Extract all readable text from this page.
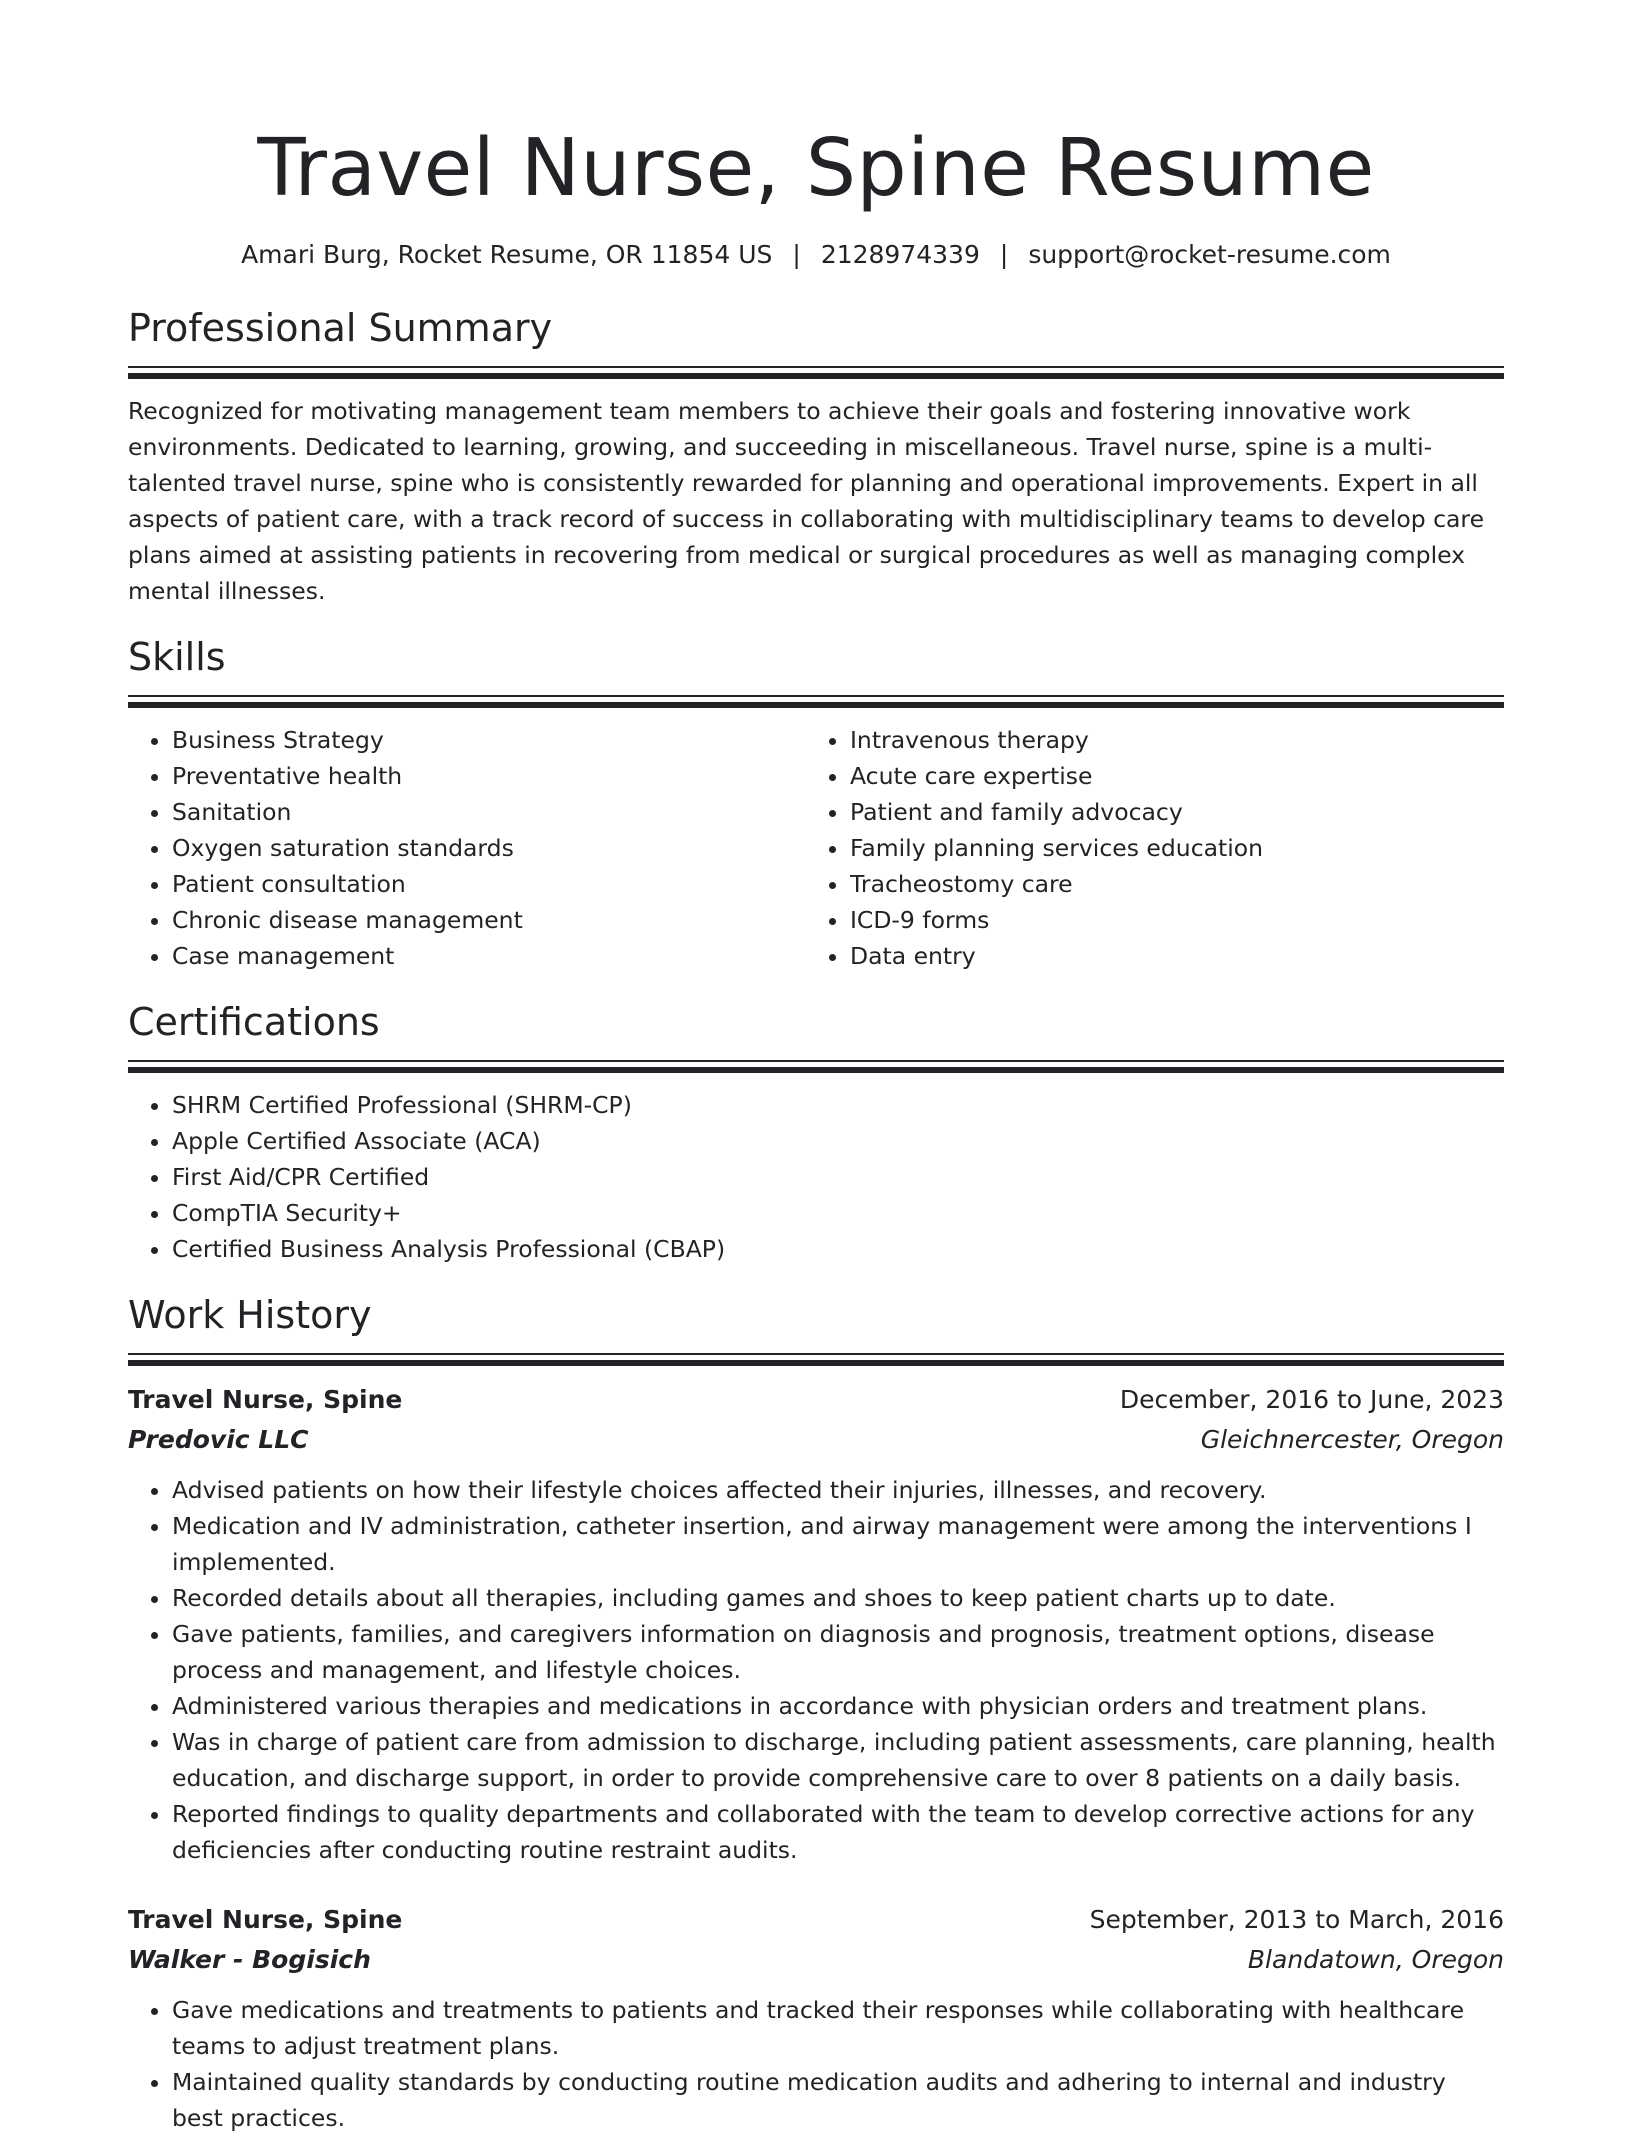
Travel Nurse, Spine Resume
Amari Burg, Rocket Resume, OR 11854 US | 2128974339 | support@rocket-resume.com
Professional Summary

Recognized for motivating management team members to achieve their goals and fostering innovative work environments. Dedicated to learning, growing, and succeeding in miscellaneous. Travel nurse, spine is a multi-talented travel nurse, spine who is consistently rewarded for planning and operational improvements. Expert in all aspects of patient care, with a track record of success in collaborating with multidisciplinary teams to develop care plans aimed at assisting patients in recovering from medical or surgical procedures as well as managing complex mental illnesses.

Skills
• Business Strategy
• Preventative health
• Sanitation
• Oxygen saturation standards
• Patient consultation
• Chronic disease management
• Case management
• Intravenous therapy
• Acute care expertise
• Patient and family advocacy
• Family planning services education
• Tracheostomy care
• ICD-9 forms
• Data entry
Certifications
• SHRM Certified Professional (SHRM-CP)
• Apple Certified Associate (ACA)
• First Aid/CPR Certified
• CompTIA Security+
• Certified Business Analysis Professional (CBAP)
Work History
Travel Nurse, Spine	December, 2016 to June, 2023
Predovic LLC	Gleichnercester, Oregon
• Advised patients on how their lifestyle choices affected their injuries, illnesses, and recovery.
• Medication and IV administration, catheter insertion, and airway management were among the interventions I implemented.
• Recorded details about all therapies, including games and shoes to keep patient charts up to date.
• Gave patients, families, and caregivers information on diagnosis and prognosis, treatment options, disease process and management, and lifestyle choices.
• Administered various therapies and medications in accordance with physician orders and treatment plans.
• Was in charge of patient care from admission to discharge, including patient assessments, care planning, health education, and discharge support, in order to provide comprehensive care to over 8 patients on a daily basis.
• Reported findings to quality departments and collaborated with the team to develop corrective actions for any deficiencies after conducting routine restraint audits.
Travel Nurse, Spine	September, 2013 to March, 2016
Walker - Bogisich	Blandatown, Oregon
• Gave medications and treatments to patients and tracked their responses while collaborating with healthcare teams to adjust treatment plans.
• Maintained quality standards by conducting routine medication audits and adhering to internal and industry best practices.
